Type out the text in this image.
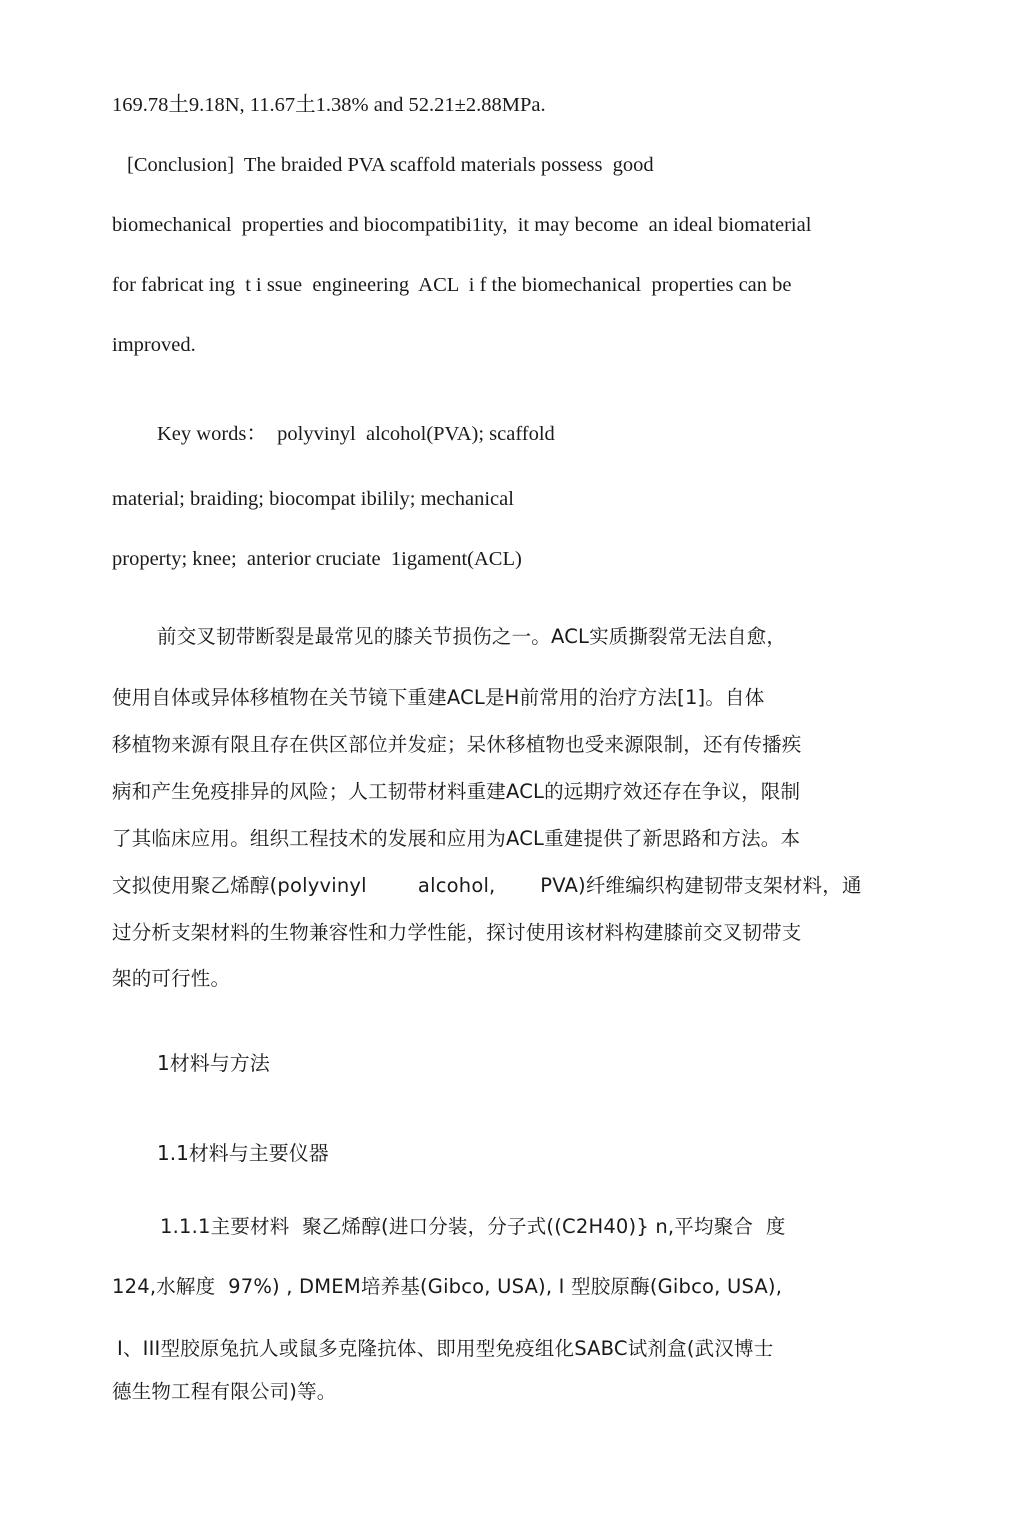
169.78土9.18N, 11.67土1.38% and 52.21±2.88MPa.
[Conclusion]  The braided PVA scaffold materials possess  good
biomechanical  properties and biocompatibi1ity,  it may become  an ideal biomaterial
for fabricat ing  t i ssue  engineering  ACL  i f the biomechanical  properties can be
improved.
Key words：  polyvinyl  alcohol(PVA); scaffold
material; braiding; biocompat ibilily; mechanical
property; knee;  anterior cruciate  1igament(ACL)
前交叉韧带断裂是最常见的膝关节损伤之一。ACL实质撕裂常无法自愈，
使用自体或异体移植物在关节镜下重建ACL是H前常用的治疗方法[1]。自体
移植物来源有限且存在供区部位并发症；呆休移植物也受来源限制，还有传播疾
病和产生免疫排异的风险；人工韧带材料重建ACL的远期疗效还存在争议，限制
了其临床应用。组织工程技术的发展和应用为ACL重建提供了新思路和方法。本
文拟使用聚乙烯醇(polyvinyl        alcohol,       PVA)纤维编织构建韧带支架材料，通
过分析支架材料的生物兼容性和力学性能，探讨使用该材料构建膝前交叉韧带支
架的可行性。
1材料与方法
1.1材料与主要仪器
1.1.1主要材料  聚乙烯醇(进口分装，分子式((C2H40)} n,平均聚合  度
124,水解度  97%) , DMEM培养基(Gibco, USA), I 型胶原酶(Gibco, USA),
I、III型胶原兔抗人或鼠多克隆抗体、即用型免疫组化SABC试剂盒(武汉博士
德生物工程有限公司)等。
